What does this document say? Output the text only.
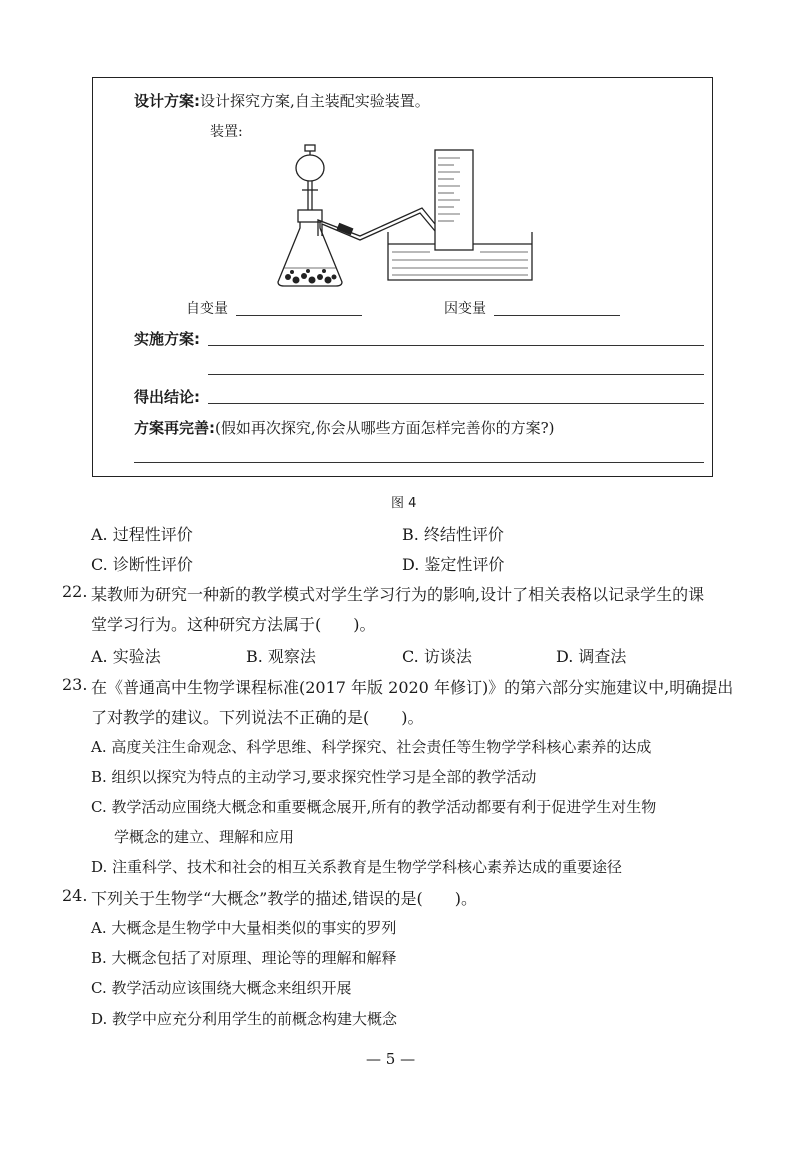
设计方案:设计探究方案,自主装配实验装置。
装置:
自变量	因变量
实施方案:
得出结论:
方案再完善:(假如再次探究,你会从哪些方面怎样完善你的方案?)
图 4
A. 过程性评价	B. 终结性评价
C. 诊断性评价	D. 鉴定性评价
22. 某教师为研究一种新的教学模式对学生学习行为的影响,设计了相关表格以记录学生的课
堂学习行为。这种研究方法属于( )。
A. 实验法	B. 观察法	C. 访谈法	D. 调查法
23. 在《普通高中生物学课程标准(2017 年版 2020 年修订)》的第六部分实施建议中,明确提出
了对教学的建议。下列说法不正确的是( )。
A. 高度关注生命观念、科学思维、科学探究、社会责任等生物学学科核心素养的达成
B. 组织以探究为特点的主动学习,要求探究性学习是全部的教学活动
C. 教学活动应围绕大概念和重要概念展开,所有的教学活动都要有利于促进学生对生物
学概念的建立、理解和应用
D. 注重科学、技术和社会的相互关系教育是生物学学科核心素养达成的重要途径
24. 下列关于生物学“大概念”教学的描述,错误的是( )。
A. 大概念是生物学中大量相类似的事实的罗列
B. 大概念包括了对原理、理论等的理解和解释
C. 教学活动应该围绕大概念来组织开展
D. 教学中应充分利用学生的前概念构建大概念
— 5 —
